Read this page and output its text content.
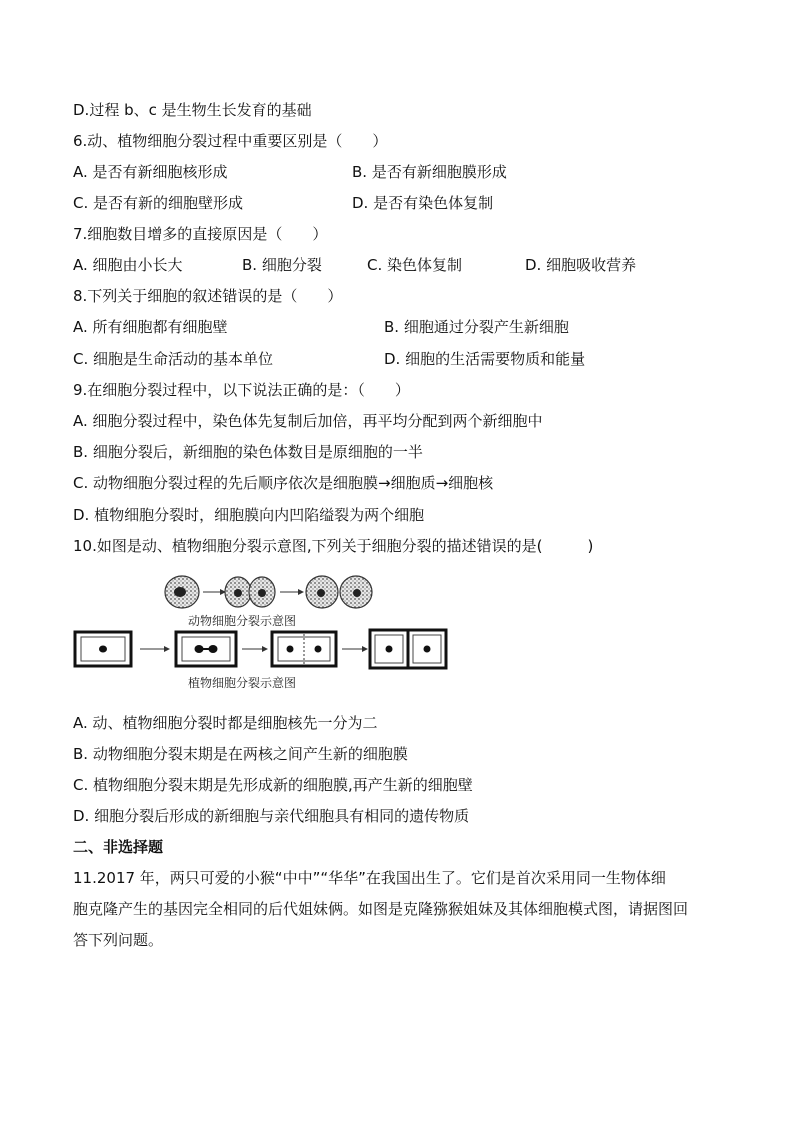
D.过程 b、c 是生物生长发育的基础
6.动、植物细胞分裂过程中重要区别是（　　）
A. 是否有新细胞核形成	B. 是否有新细胞膜形成
C. 是否有新的细胞壁形成	D. 是否有染色体复制
7.细胞数目增多的直接原因是（　　）
A. 细胞由小长大	B. 细胞分裂	C. 染色体复制	D. 细胞吸收营养
8.下列关于细胞的叙述错误的是（　　）
A. 所有细胞都有细胞壁	B. 细胞通过分裂产生新细胞
C. 细胞是生命活动的基本单位	D. 细胞的生活需要物质和能量
9.在细胞分裂过程中，以下说法正确的是：（　　）
A. 细胞分裂过程中，染色体先复制后加倍，再平均分配到两个新细胞中
B. 细胞分裂后，新细胞的染色体数目是原细胞的一半
C. 动物细胞分裂过程的先后顺序依次是细胞膜→细胞质→细胞核
D. 植物细胞分裂时，细胞膜向内凹陷缢裂为两个细胞
10.如图是动、植物细胞分裂示意图,下列关于细胞分裂的描述错误的是(　　　)
动物细胞分裂示意图
植物细胞分裂示意图
A. 动、植物细胞分裂时都是细胞核先一分为二
B. 动物细胞分裂末期是在两核之间产生新的细胞膜
C. 植物细胞分裂末期是先形成新的细胞膜,再产生新的细胞壁
D. 细胞分裂后形成的新细胞与亲代细胞具有相同的遗传物质
二、非选择题
11.2017 年，两只可爱的小猴“中中”“华华”在我国出生了。它们是首次采用同一生物体细
胞克隆产生的基因完全相同的后代姐妹俩。如图是克隆猕猴姐妹及其体细胞模式图，请据图回
答下列问题。
